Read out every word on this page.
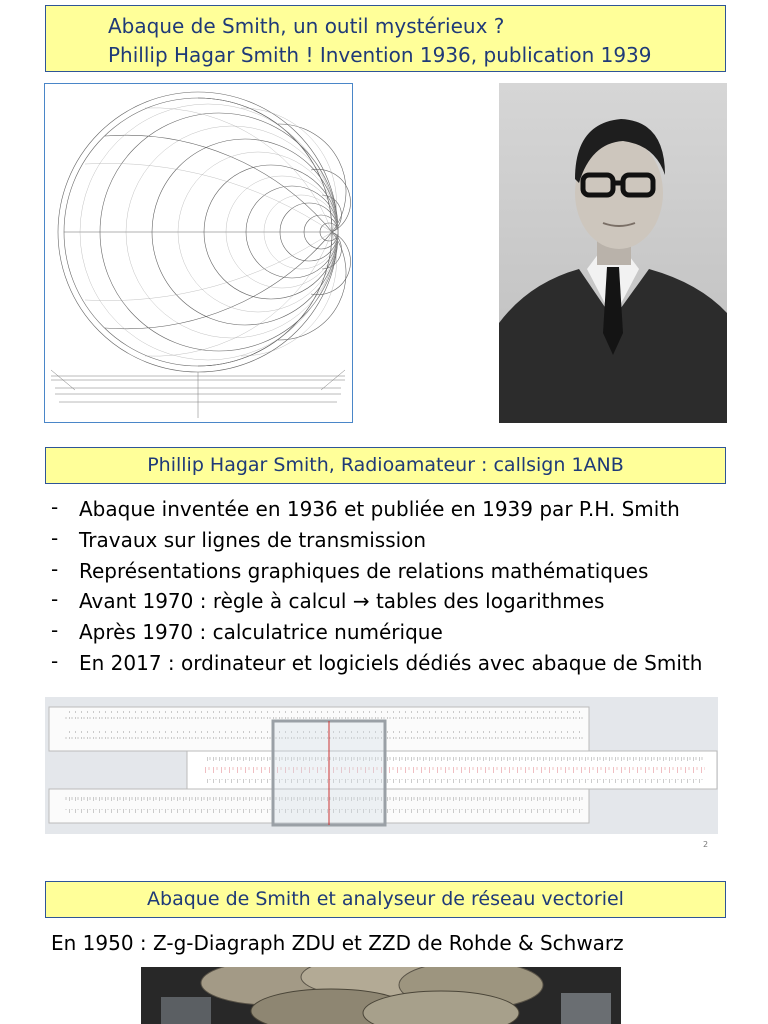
Abaque de Smith, un outil mystérieux ?
Phillip Hagar Smith ! Invention 1936, publication 1939
Phillip Hagar Smith, Radioamateur : callsign 1ANB
- Abaque inventée en 1936 et publiée en 1939 par P.H. Smith
- Travaux sur lignes de transmission
- Représentations graphiques de relations mathématiques
- Avant 1970 : règle à calcul → tables des logarithmes
- Après 1970 : calculatrice numérique
- En 2017 : ordinateur et logiciels dédiés avec abaque de Smith
2
Abaque de Smith et analyseur de réseau vectoriel
En 1950 : Z-g-Diagraph ZDU et ZZD de Rohde & Schwarz
